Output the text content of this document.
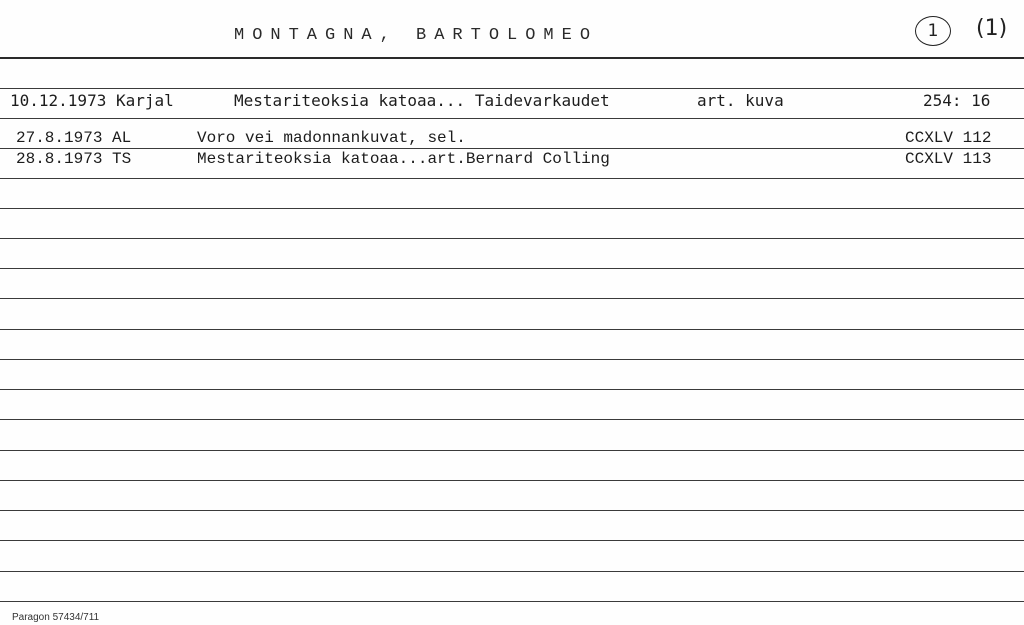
MONTAGNA, BARTOLOMEO	1	(1)
10.12.1973 Karjal	Mestariteoksia katoaa... Taidevarkaudet	art. kuva	254: 16
27.8.1973 AL	Voro vei madonnankuvat, sel.	CCXLV 112
28.8.1973 TS	Mestariteoksia katoaa...art.Bernard Colling	CCXLV 113
Paragon 57434/711
